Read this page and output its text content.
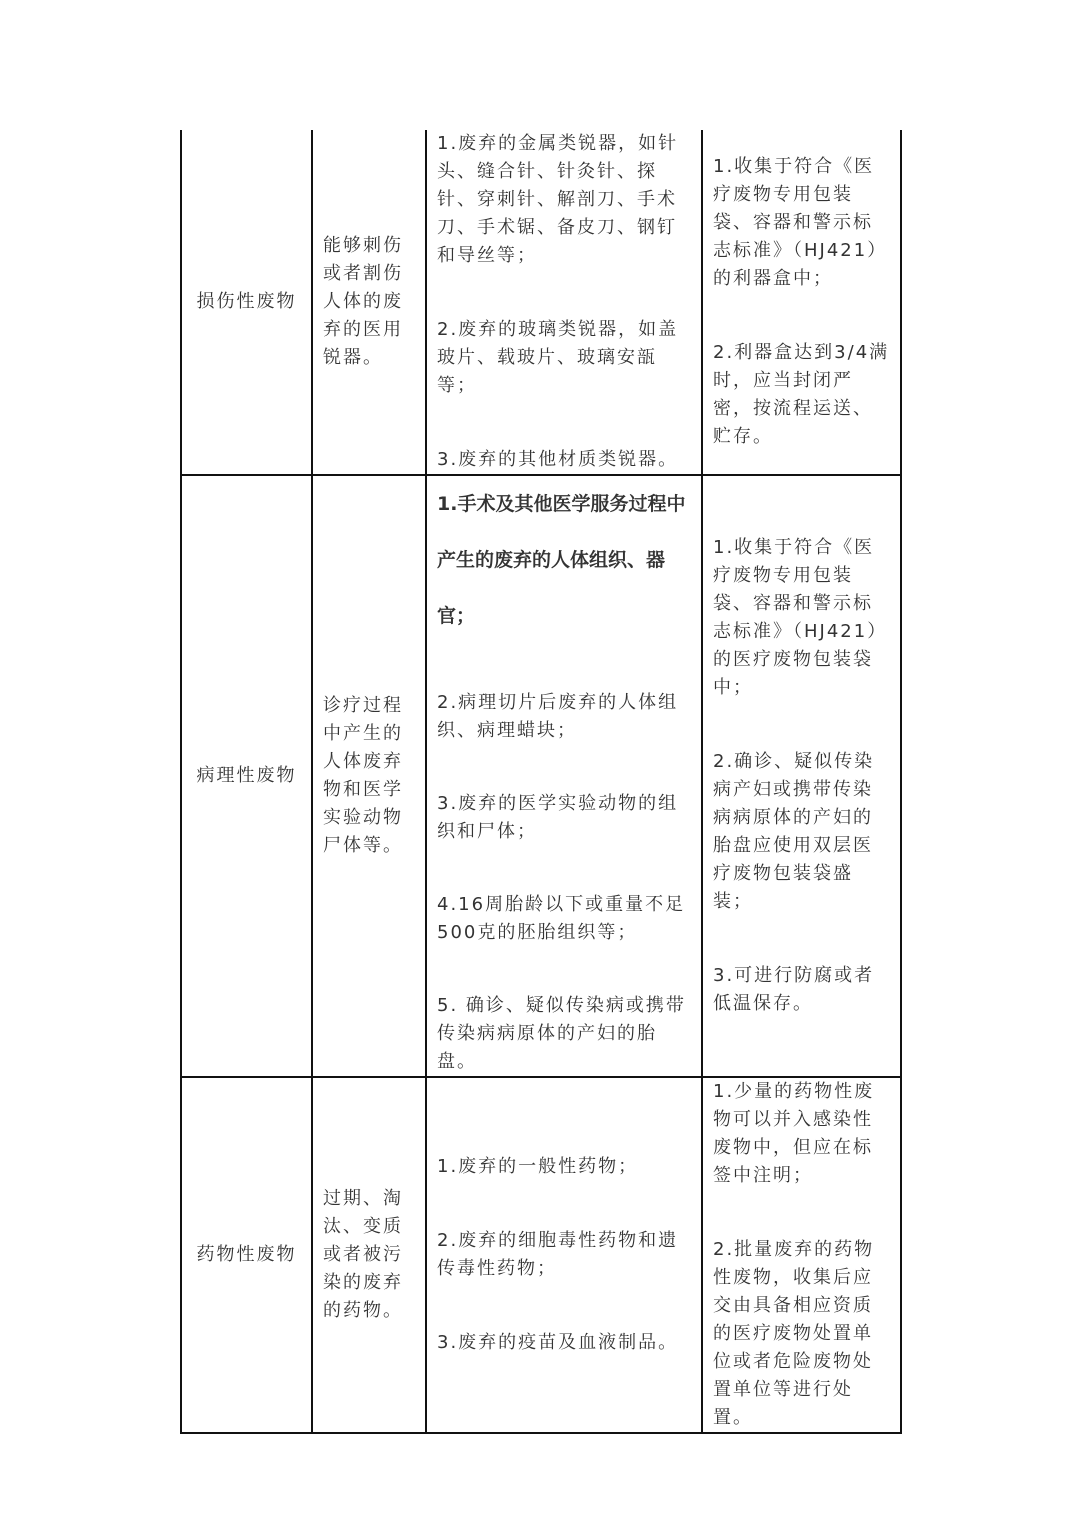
损伤性废物	能够刺伤或者割伤人体的废弃的医用锐器。	1.废弃的金属类锐器，如针头、缝合针、针灸针、探针、穿刺针、解剖刀、手术刀、手术锯、备皮刀、钢钉和导丝等；
2.废弃的玻璃类锐器，如盖玻片、载玻片、玻璃安瓿等；
3.废弃的其他材质类锐器。	1.收集于符合《医疗废物专用包装袋、容器和警示标志标准》（HJ421）的利器盒中；
2.利器盒达到3/4满时，应当封闭严密，按流程运送、贮存。

病理性废物	诊疗过程中产生的人体废弃物和医学实验动物尸体等。	1.手术及其他医学服务过程中产生的废弃的人体组织、器官；
2.病理切片后废弃的人体组织、病理蜡块；
3.废弃的医学实验动物的组织和尸体；
4.16周胎龄以下或重量不足500克的胚胎组织等；
5. 确诊、疑似传染病或携带传染病病原体的产妇的胎盘。	1.收集于符合《医疗废物专用包装袋、容器和警示标志标准》（HJ421）的医疗废物包装袋中；
2.确诊、疑似传染病产妇或携带传染病病原体的产妇的胎盘应使用双层医疗废物包装袋盛装；
3.可进行防腐或者低温保存。

药物性废物	过期、淘汰、变质或者被污染的废弃的药物。	1.废弃的一般性药物；
2.废弃的细胞毒性药物和遗传毒性药物；
3.废弃的疫苗及血液制品。	1.少量的药物性废物可以并入感染性废物中，但应在标签中注明；
2.批量废弃的药物性废物，收集后应交由具备相应资质的医疗废物处置单位或者危险废物处置单位等进行处置。
